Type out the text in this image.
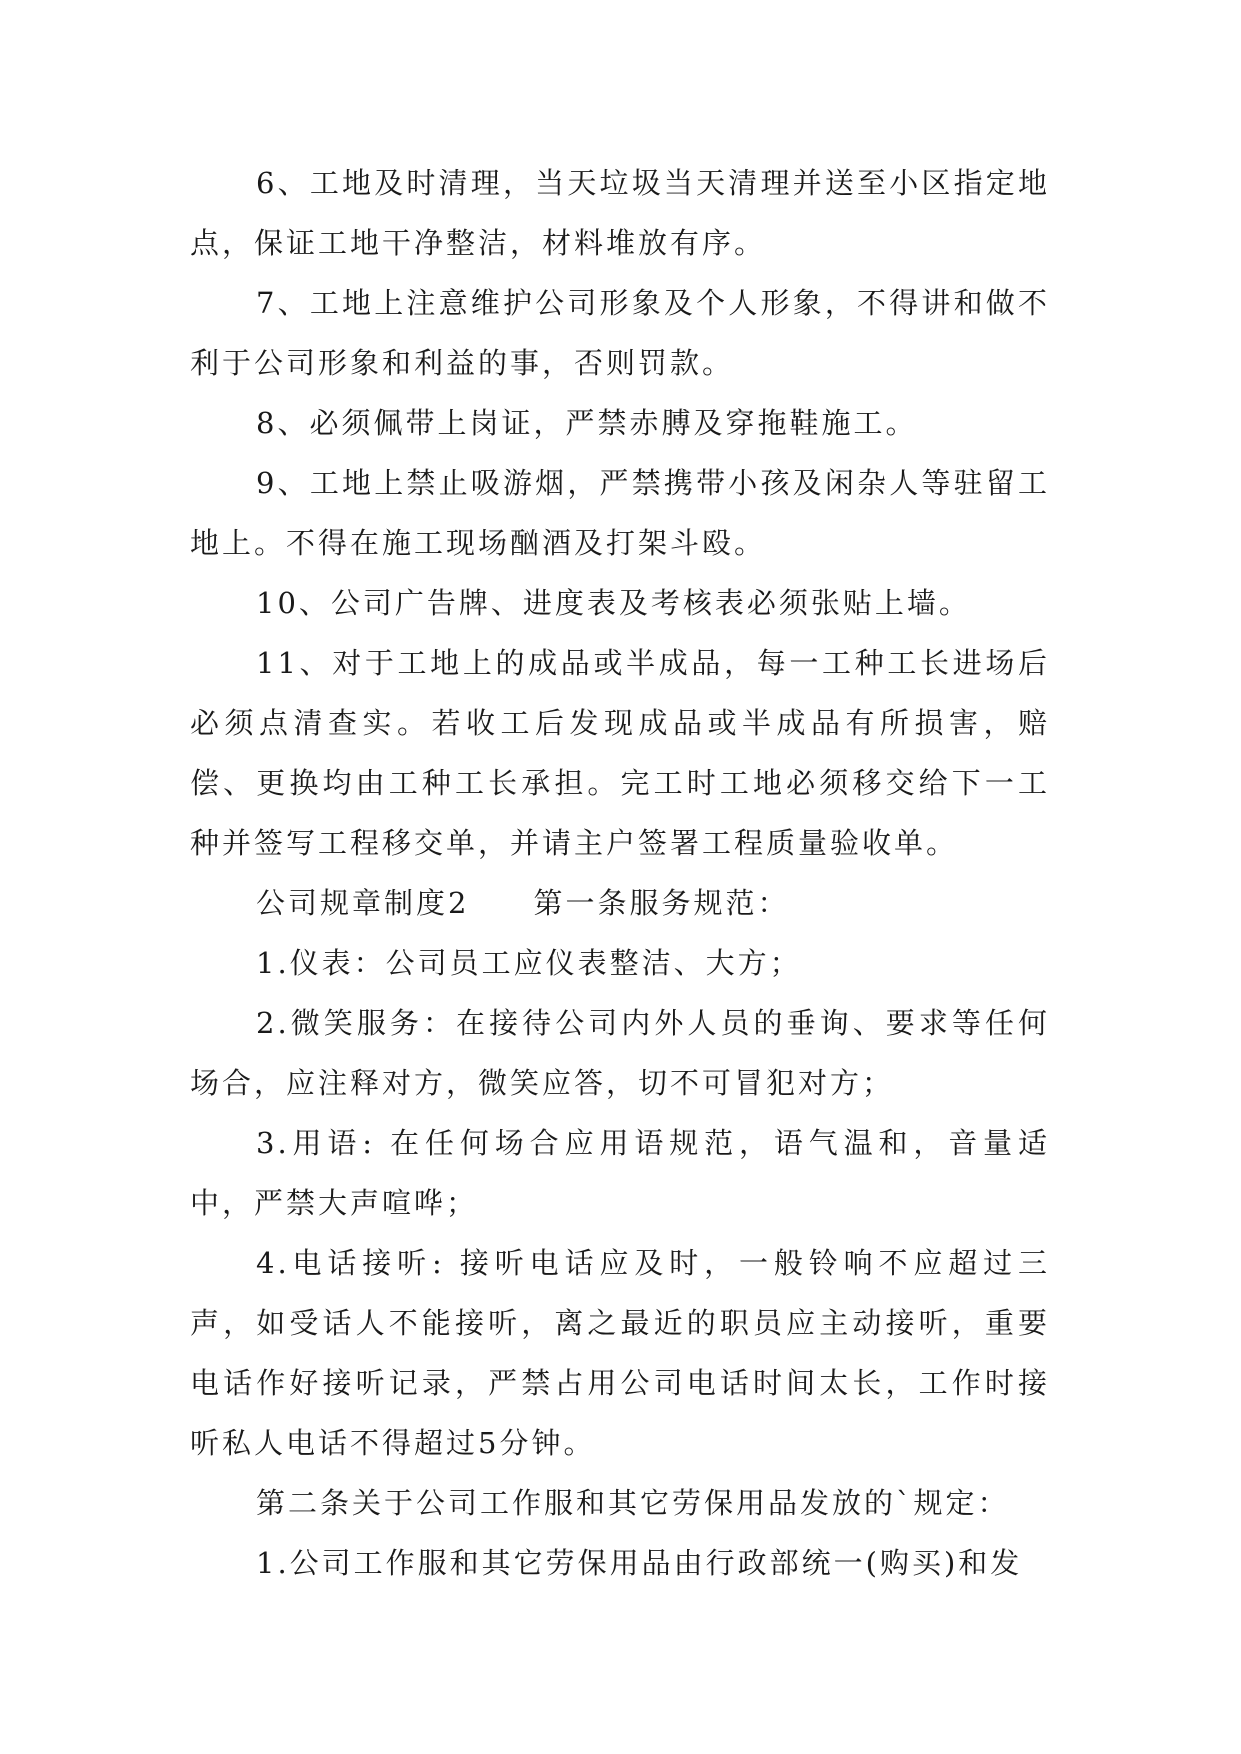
6、工地及时清理，当天垃圾当天清理并送至小区指定地点，保证工地干净整洁，材料堆放有序。

7、工地上注意维护公司形象及个人形象，不得讲和做不利于公司形象和利益的事，否则罚款。

8、必须佩带上岗证，严禁赤膊及穿拖鞋施工。

9、工地上禁止吸游烟，严禁携带小孩及闲杂人等驻留工地上。不得在施工现场酗酒及打架斗殴。

10、公司广告牌、进度表及考核表必须张贴上墙。

11、对于工地上的成品或半成品，每一工种工长进场后必须点清查实。若收工后发现成品或半成品有所损害，赔偿、更换均由工种工长承担。完工时工地必须移交给下一工种并签写工程移交单，并请主户签署工程质量验收单。

公司规章制度2　　第一条服务规范：

1.仪表：公司员工应仪表整洁、大方；

2.微笑服务：在接待公司内外人员的垂询、要求等任何场合，应注释对方，微笑应答，切不可冒犯对方；

3.用语: 在任何场合应用语规范，语气温和，音量适中，严禁大声喧哗；

4.电话接听: 接听电话应及时，一般铃响不应超过三声，如受话人不能接听，离之最近的职员应主动接听，重要电话作好接听记录，严禁占用公司电话时间太长，工作时接听私人电话不得超过5分钟。

第二条关于公司工作服和其它劳保用品发放的`规定：

1.公司工作服和其它劳保用品由行政部统一(购买)和发
